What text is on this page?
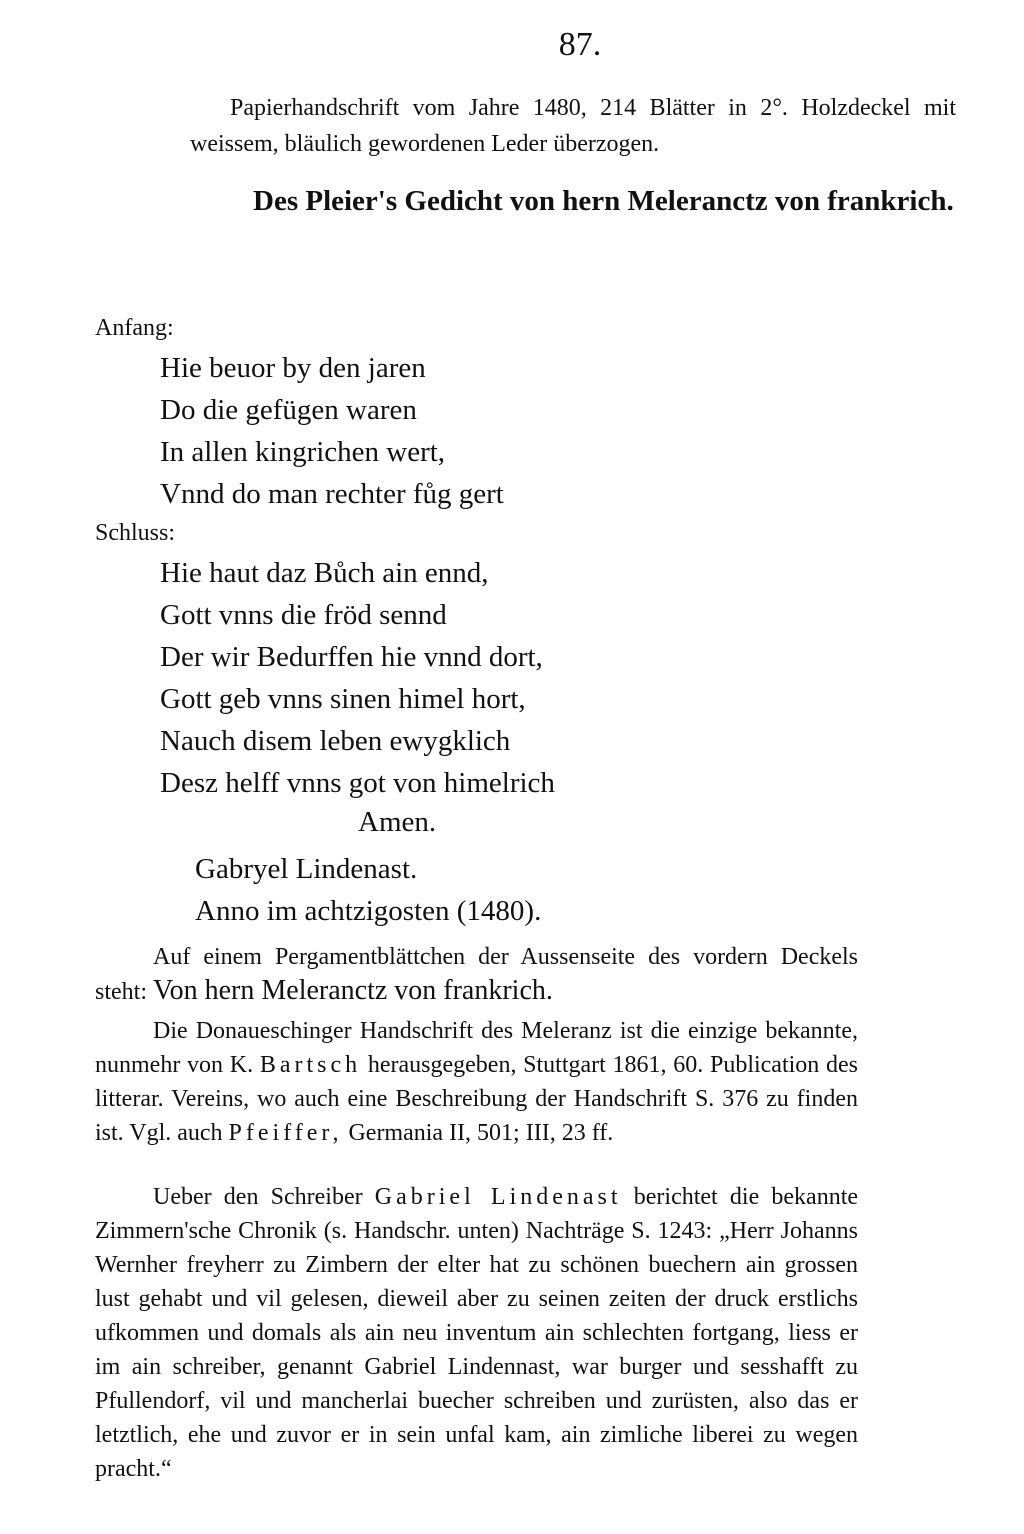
87.

Papierhandschrift vom Jahre 1480, 214 Blätter in 2°. Holzdeckel mit weissem, bläulich gewordenen Leder überzogen.

Des Pleier's Gedicht von hern Meleranctz von frankrich.

Anfang:
Hie beuor by den jaren
Do die gefügen waren
In allen kingrichen wert,
Vnnd do man rechter fůg gert
Schluss:
Hie haut daz Bůch ain ennd,
Gott vnns die fröd sennd
Der wir Bedurffen hie vnnd dort,
Gott geb vnns sinen himel hort,
Nauch disem leben ewygklich
Desz helff vnns got von himelrich
Amen.
Gabryel Lindenast.
Anno im achtzigosten (1480).

Auf einem Pergamentblättchen der Aussenseite des vordern Deckels steht: Von hern Meleranctz von frankrich.

Die Donaueschinger Handschrift des Meleranz ist die einzige bekannte, nunmehr von K. Bartsch herausgegeben, Stuttgart 1861, 60. Publication des litterar. Vereins, wo auch eine Beschreibung der Handschrift S. 376 zu finden ist. Vgl. auch Pfeiffer, Germania II, 501; III, 23 ff.

Ueber den Schreiber Gabriel Lindenast berichtet die bekannte Zimmern'sche Chronik (s. Handschr. unten) Nachträge S. 1243: „Herr Johanns Wernher freyherr zu Zimbern der elter hat zu schönen buechern ain grossen lust gehabt und vil gelesen, dieweil aber zu seinen zeiten der druck erstlichs ufkommen und domals als ain neu inventum ain schlechten fortgang, liess er im ain schreiber, genannt Gabriel Lindennast, war burger und sesshafft zu Pfullendorf, vil und mancherlai buecher schreiben und zurüsten, also das er letztlich, ehe und zuvor er in sein unfal kam, ain zimliche liberei zu wegen pracht.“
